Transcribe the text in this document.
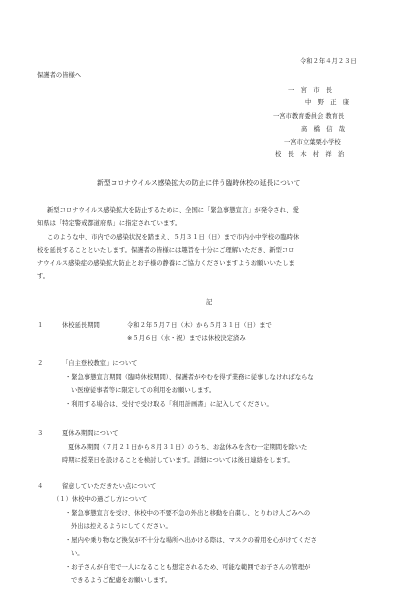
令和２年４月２３日
保護者の皆様へ
一　宮　市　長
中　野　正　康
一宮市教育委員会 教育長
髙　橋　信　哉
一宮市立葉栗小学校
校　長　木　村　祥　治
新型コロナウイルス感染拡大の防止に伴う臨時休校の延長について
新型コロナウイルス感染拡大を防止するために、全国に「緊急事態宣言」が発令され、愛
知県は「特定警戒都道府県」に指定されています。
このような中、市内での感染状況を踏まえ、５月３１日（日）まで市内小中学校の臨時休
校を延長することといたします。保護者の皆様には趣旨を十分にご理解いただき、新型コロ
ナウイルス感染症の感染拡大防止とお子様の静養にご協力くださいますようお願いいたしま
す。
記
１	休校延長期間	令和２年５月７日（木）から５月３１日（日）まで
※５月６日（水・祝）までは休校決定済み
２	「自主登校教室」について
・緊急事態宣言期間（臨時休校期間）、保護者がやむを得ず業務に従事しなければならな
い医療従事者等に限定しての利用をお願いします。
・利用する場合は、受付で受け取る「利用計画書」に記入してください。
３	夏休み期間について
夏休み期間（７月２１日から８月３１日）のうち、お盆休みを含む一定期間を除いた
時期に授業日を設けることを検討しています。詳細については後日連絡をします。
４	留意していただきたい点について
（１）休校中の過ごし方について
・緊急事態宣言を受け、休校中の不要不急の外出と移動を自粛し、とりわけ人ごみへの
外出は控えるようにしてください。
・屋内や乗り物など換気が不十分な場所へ出かける際は、マスクの着用を心がけてくださ
い。
・お子さんが自宅で一人になることも想定されるため、可能な範囲でお子さんの管理が
できるようご配慮をお願いします。
